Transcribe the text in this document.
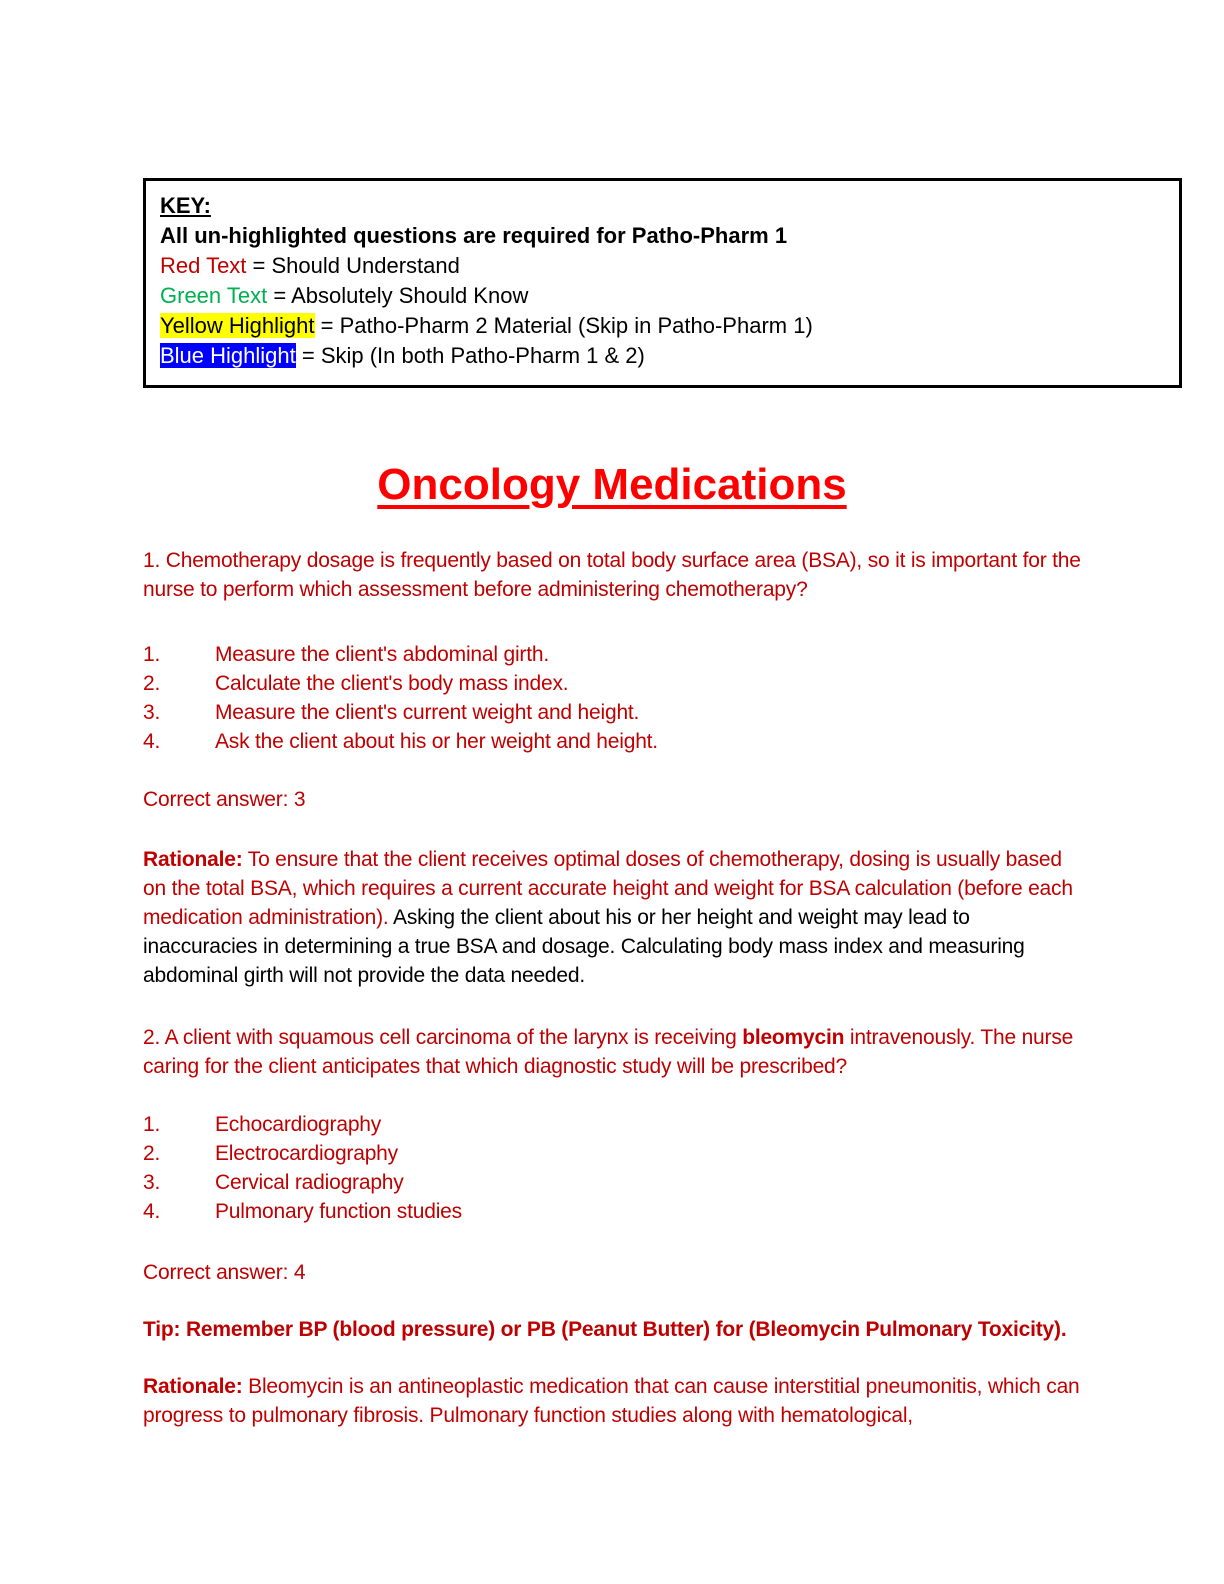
KEY:
All un-highlighted questions are required for Patho-Pharm 1
Red Text = Should Understand
Green Text = Absolutely Should Know
Yellow Highlight = Patho-Pharm 2 Material (Skip in Patho-Pharm 1)
Blue Highlight = Skip (In both Patho-Pharm 1 & 2)
Oncology Medications
1. Chemotherapy dosage is frequently based on total body surface area (BSA), so it is important for the nurse to perform which assessment before administering chemotherapy?
1.	Measure the client's abdominal girth.
2.	Calculate the client's body mass index.
3.	Measure the client's current weight and height.
4.	Ask the client about his or her weight and height.
Correct answer: 3
Rationale: To ensure that the client receives optimal doses of chemotherapy, dosing is usually based on the total BSA, which requires a current accurate height and weight for BSA calculation (before each medication administration). Asking the client about his or her height and weight may lead to inaccuracies in determining a true BSA and dosage. Calculating body mass index and measuring abdominal girth will not provide the data needed.
2. A client with squamous cell carcinoma of the larynx is receiving bleomycin intravenously. The nurse caring for the client anticipates that which diagnostic study will be prescribed?
1.	Echocardiography
2.	Electrocardiography
3.	Cervical radiography
4.	Pulmonary function studies
Correct answer: 4
Tip: Remember BP (blood pressure) or PB (Peanut Butter) for (Bleomycin Pulmonary Toxicity).
Rationale: Bleomycin is an antineoplastic medication that can cause interstitial pneumonitis, which can progress to pulmonary fibrosis. Pulmonary function studies along with hematological,
